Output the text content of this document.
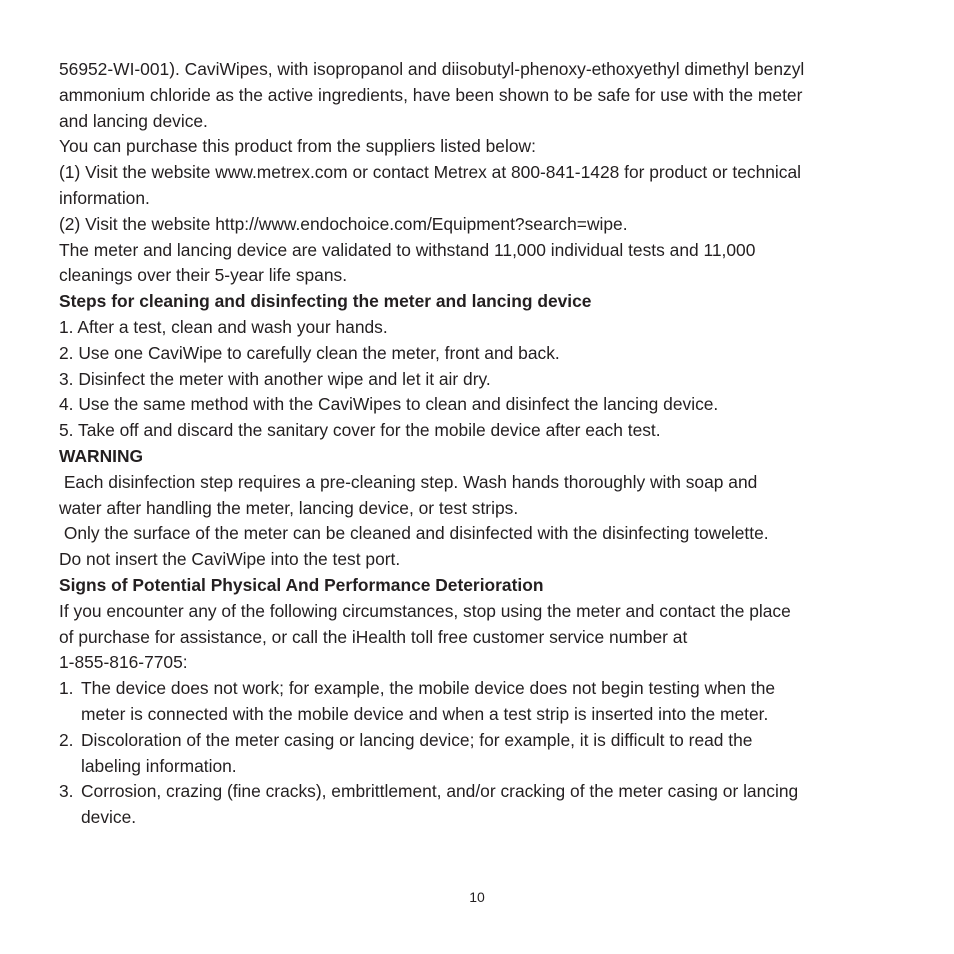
56952-WI-001). CaviWipes, with isopropanol and diisobutyl-phenoxy-ethoxyethyl dimethyl benzyl
ammonium chloride as the active ingredients, have been shown to be safe for use with the meter
and lancing device.
You can purchase this product from the suppliers listed below:
(1) Visit the website www.metrex.com or contact Metrex at 800-841-1428 for product or technical
information.
(2) Visit the website http://www.endochoice.com/Equipment?search=wipe.
The meter and lancing device are validated to withstand 11,000 individual tests and 11,000
cleanings over their 5-year life spans.
Steps for cleaning and disinfecting the meter and lancing device
1. After a test, clean and wash your hands.
2. Use one CaviWipe to carefully clean the meter, front and back.
3. Disinfect the meter with another wipe and let it air dry.
4. Use the same method with the CaviWipes to clean and disinfect the lancing device.
5. Take off and discard the sanitary cover for the mobile device after each test.
WARNING
Each disinfection step requires a pre-cleaning step. Wash hands thoroughly with soap and
water after handling the meter, lancing device, or test strips.
Only the surface of the meter can be cleaned and disinfected with the disinfecting towelette.
Do not insert the CaviWipe into the test port.
Signs of Potential Physical And Performance Deterioration
If you encounter any of the following circumstances, stop using the meter and contact the place
of purchase for assistance, or call the iHealth toll free customer service number at
1-855-816-7705:
1. The device does not work; for example, the mobile device does not begin testing when the
meter is connected with the mobile device and when a test strip is inserted into the meter.
2. Discoloration of the meter casing or lancing device; for example, it is difficult to read the
labeling information.
3. Corrosion, crazing (fine cracks), embrittlement, and/or cracking of the meter casing or lancing
device.
10
